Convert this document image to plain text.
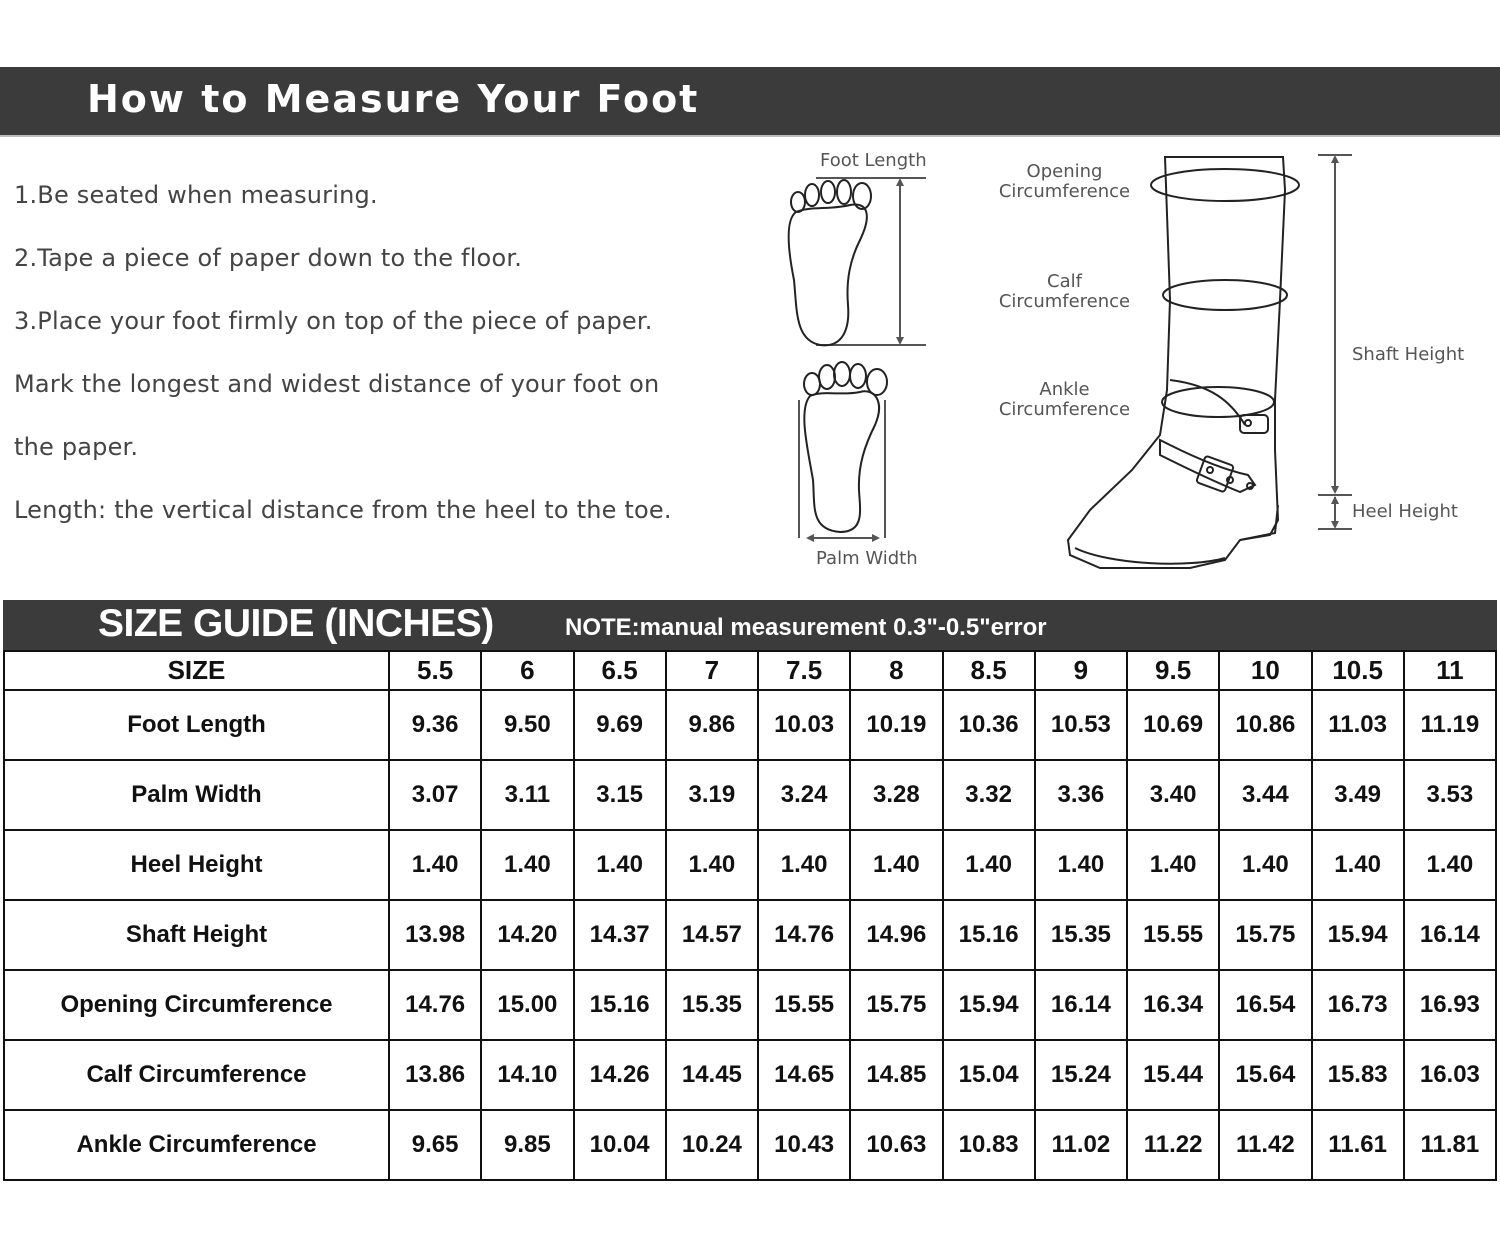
How to Measure Your Foot
1.Be seated when measuring.
2.Tape a piece of paper down to the floor.
3.Place your foot firmly on top of the piece of paper.
Mark the longest and widest distance of your foot on
the paper.
Length: the vertical distance from the heel to the toe.
Foot Length
Palm Width
Opening
Circumference
Calf
Circumference
Ankle
Circumference
Shaft Height
Heel Height
SIZE GUIDE (INCHES)	NOTE:manual measurement 0.3"-0.5"error
SIZE	5.5	6	6.5	7	7.5	8	8.5	9	9.5	10	10.5	11
Foot Length	9.36	9.50	9.69	9.86	10.03	10.19	10.36	10.53	10.69	10.86	11.03	11.19
Palm Width	3.07	3.11	3.15	3.19	3.24	3.28	3.32	3.36	3.40	3.44	3.49	3.53
Heel Height	1.40	1.40	1.40	1.40	1.40	1.40	1.40	1.40	1.40	1.40	1.40	1.40
Shaft Height	13.98	14.20	14.37	14.57	14.76	14.96	15.16	15.35	15.55	15.75	15.94	16.14
Opening Circumference	14.76	15.00	15.16	15.35	15.55	15.75	15.94	16.14	16.34	16.54	16.73	16.93
Calf Circumference	13.86	14.10	14.26	14.45	14.65	14.85	15.04	15.24	15.44	15.64	15.83	16.03
Ankle Circumference	9.65	9.85	10.04	10.24	10.43	10.63	10.83	11.02	11.22	11.42	11.61	11.81
